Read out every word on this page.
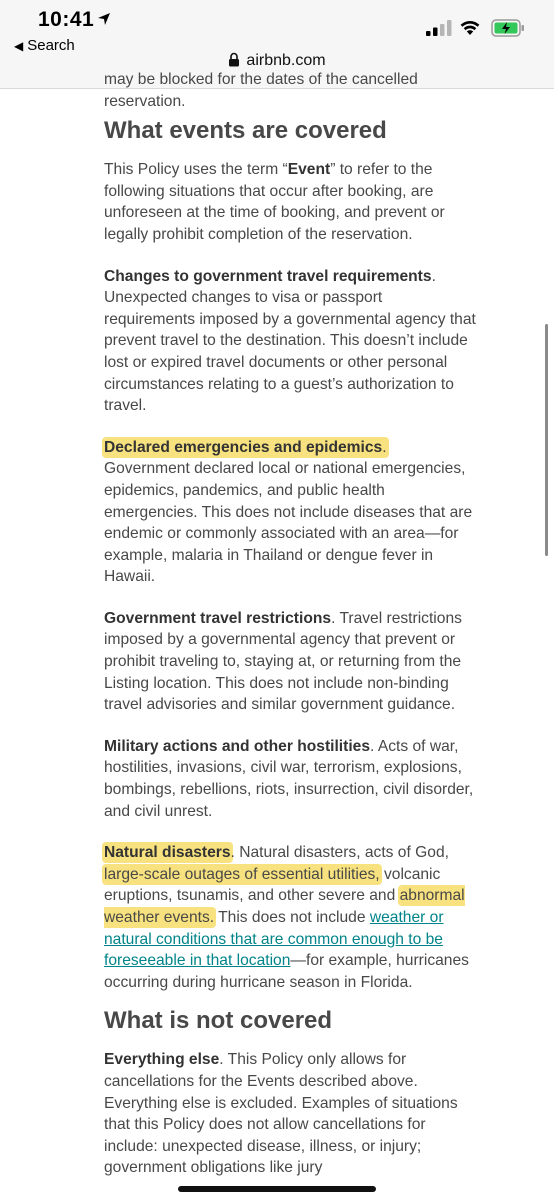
10:41
◀ Search
airbnb.com

may be blocked for the dates of the cancelled reservation.

What events are covered

This Policy uses the term “Event” to refer to the following situations that occur after booking, are unforeseen at the time of booking, and prevent or legally prohibit completion of the reservation.

Changes to government travel requirements.
Unexpected changes to visa or passport requirements imposed by a governmental agency that prevent travel to the destination. This doesn’t include lost or expired travel documents or other personal circumstances relating to a guest’s authorization to travel.

Declared emergencies and epidemics.
Government declared local or national emergencies, epidemics, pandemics, and public health emergencies. This does not include diseases that are endemic or commonly associated with an area—for example, malaria in Thailand or dengue fever in Hawaii.

Government travel restrictions. Travel restrictions imposed by a governmental agency that prevent or prohibit traveling to, staying at, or returning from the Listing location. This does not include non-binding travel advisories and similar government guidance.

Military actions and other hostilities. Acts of war, hostilities, invasions, civil war, terrorism, explosions, bombings, rebellions, riots, insurrection, civil disorder, and civil unrest.

Natural disasters. Natural disasters, acts of God, large-scale outages of essential utilities, volcanic eruptions, tsunamis, and other severe and abnormal weather events. This does not include weather or natural conditions that are common enough to be foreseeable in that location—for example, hurricanes occurring during hurricane season in Florida.

What is not covered

Everything else. This Policy only allows for cancellations for the Events described above. Everything else is excluded. Examples of situations that this Policy does not allow cancellations for include: unexpected disease, illness, or injury; government obligations like jury
